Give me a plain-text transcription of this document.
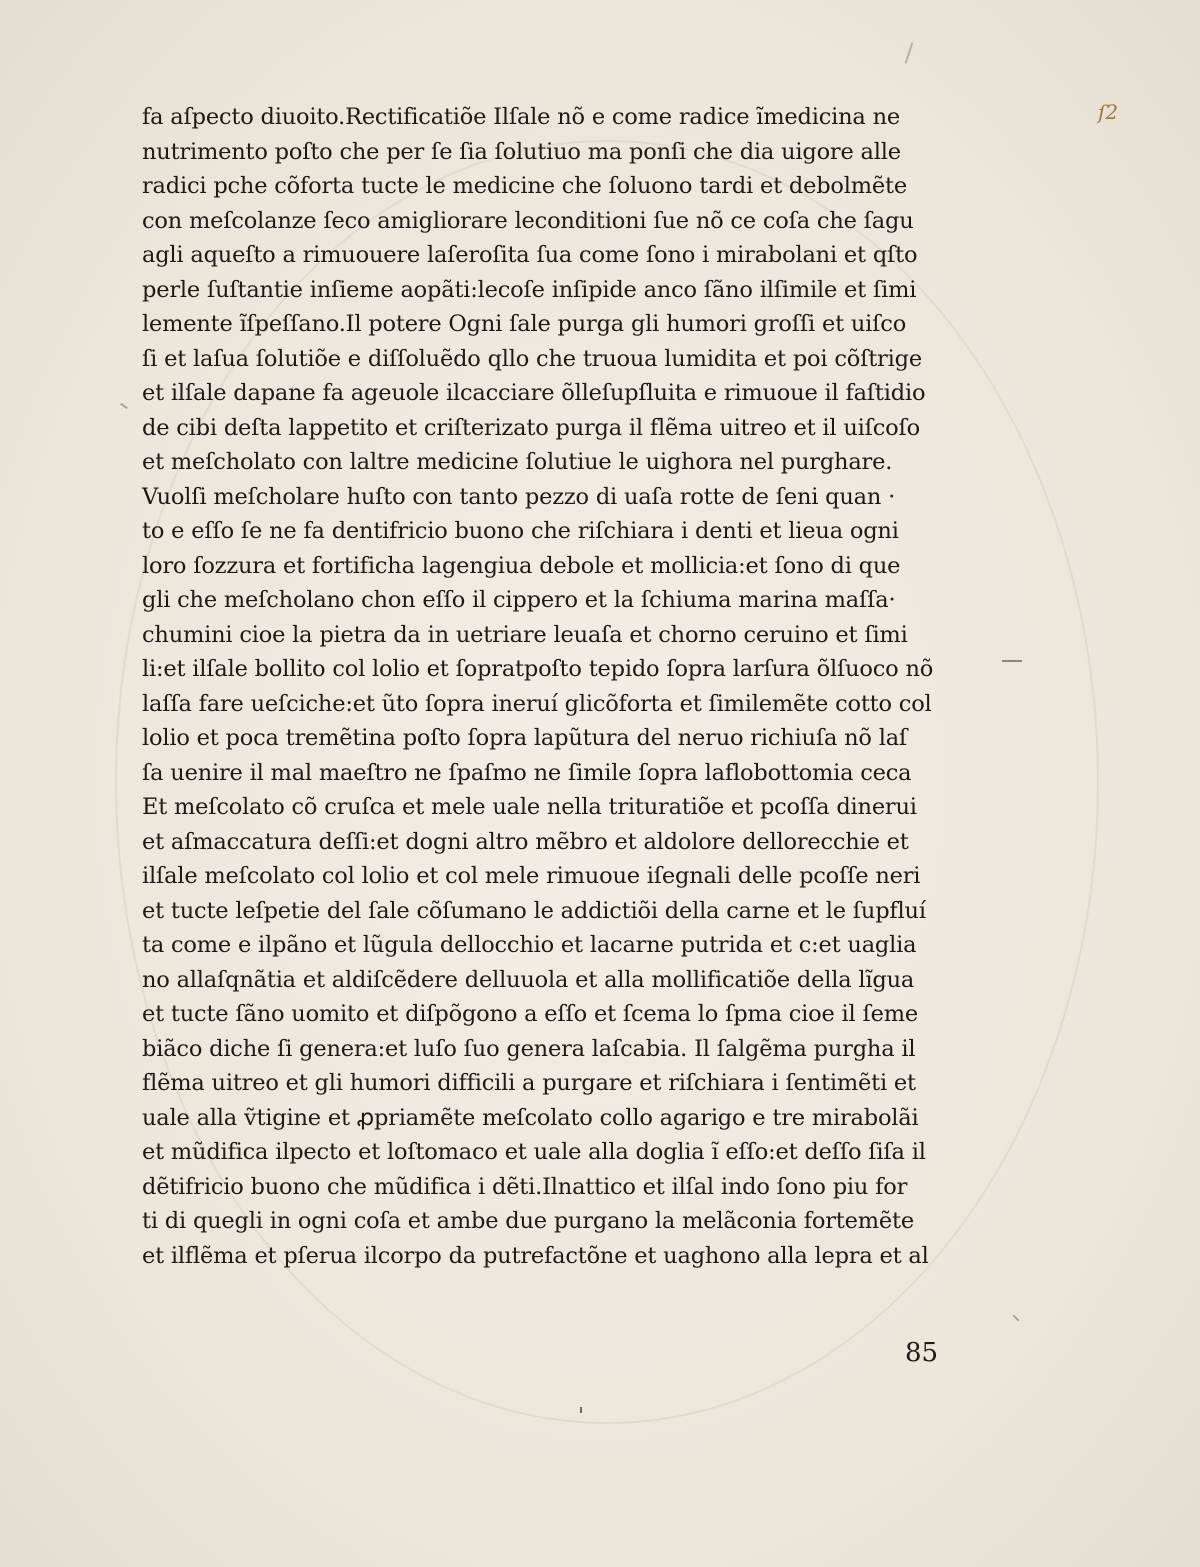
ſ2
fa aſpecto diuoito.Rectificatiõe Ilſale nõ e come radice ĩmedicina ne
nutrimento poſto che per ſe ſia ſolutiuo ma ponſi che dia uigore alle
radici pche cõforta tucte le medicine che ſoluono tardi et debolmẽte
con meſcolanze ſeco amigliorare leconditioni ſue nõ ce coſa che ſagu
agli aqueſto a rimuouere laſeroſita ſua come ſono i mirabolani et qſto
perle ſuſtantie inſieme aopãti:lecoſe inſipide anco ſãno ilſimile et ſimi
lemente ĩſpeſſano.Il potere Ogni ſale purga gli humori groſſi et uiſco
ſi et laſua ſolutiõe e diſſoluẽdo qllo che truoua lumidita et poi cõſtrige
et ilſale dapane fa ageuole ilcacciare õlleſupſluita e rimuoue il faſtidio
de cibi deſta lappetito et criſterizato purga il flẽma uitreo et il uiſcoſo
et meſcholato con laltre medicine ſolutiue le uighora nel purghare.
Vuolſi meſcholare huſto con tanto pezzo di uaſa rotte de ſeni quan ·
to e eſſo ſe ne fa dentifricio buono che riſchiara i denti et lieua ogni
loro ſozzura et fortificha lagengiua debole et mollicia:et ſono di que
gli che meſcholano chon eſſo il cippero et la ſchiuma marina maſſa·
chumini cioe la pietra da in uetriare leuaſa et chorno ceruino et ſimi
li:et ilſale bollito col lolio et ſopratpoſto tepido ſopra larſura õlſuoco nõ
laſſa fare ueſciche:et ũto ſopra ineruí glicõforta et ſimilemẽte cotto col
lolio et poca tremẽtina poſto ſopra lapũtura del neruo richiuſa nõ laſ
ſa uenire il mal maeſtro ne ſpaſmo ne ſimile ſopra laflobottomia ceca
Et meſcolato cõ cruſca et mele uale nella trituratiõe et pcoſſa dinerui
et aſmaccatura deſſi:et dogni altro mẽbro et aldolore dellorecchie et
ilſale meſcolato col lolio et col mele rimuoue iſegnali delle pcoſſe neri
et tucte leſpetie del ſale cõſumano le addictiõi della carne et le ſupfluí
ta come e ilpãno et lũgula dellocchio et lacarne putrida et c:et uaglia
no allaſqnãtia et aldiſcẽdere delluuola et alla mollificatiõe della lĩgua
et tucte ſãno uomito et diſpõgono a eſſo et ſcema lo ſpma cioe il ſeme
biãco diche ſi genera:et luſo ſuo genera laſcabia. Il ſalgẽma purgha il
flẽma uitreo et gli humori difficili a purgare et riſchiara i ſentimẽti et
uale alla ṽtigine et ꝓpriamẽte meſcolato collo agarigo e tre mirabolãi
et mũdifica ilpecto et loſtomaco et uale alla doglia ĩ eſſo:et deſſo ſiſa il
dẽtifricio buono che mũdifica i dẽti.Ilnattico et ilſal indo ſono piu for
ti di quegli in ogni coſa et ambe due purgano la melãconia fortemẽte
et ilflẽma et pſerua ilcorpo da putrefactõne et uaghono alla lepra et al
85
